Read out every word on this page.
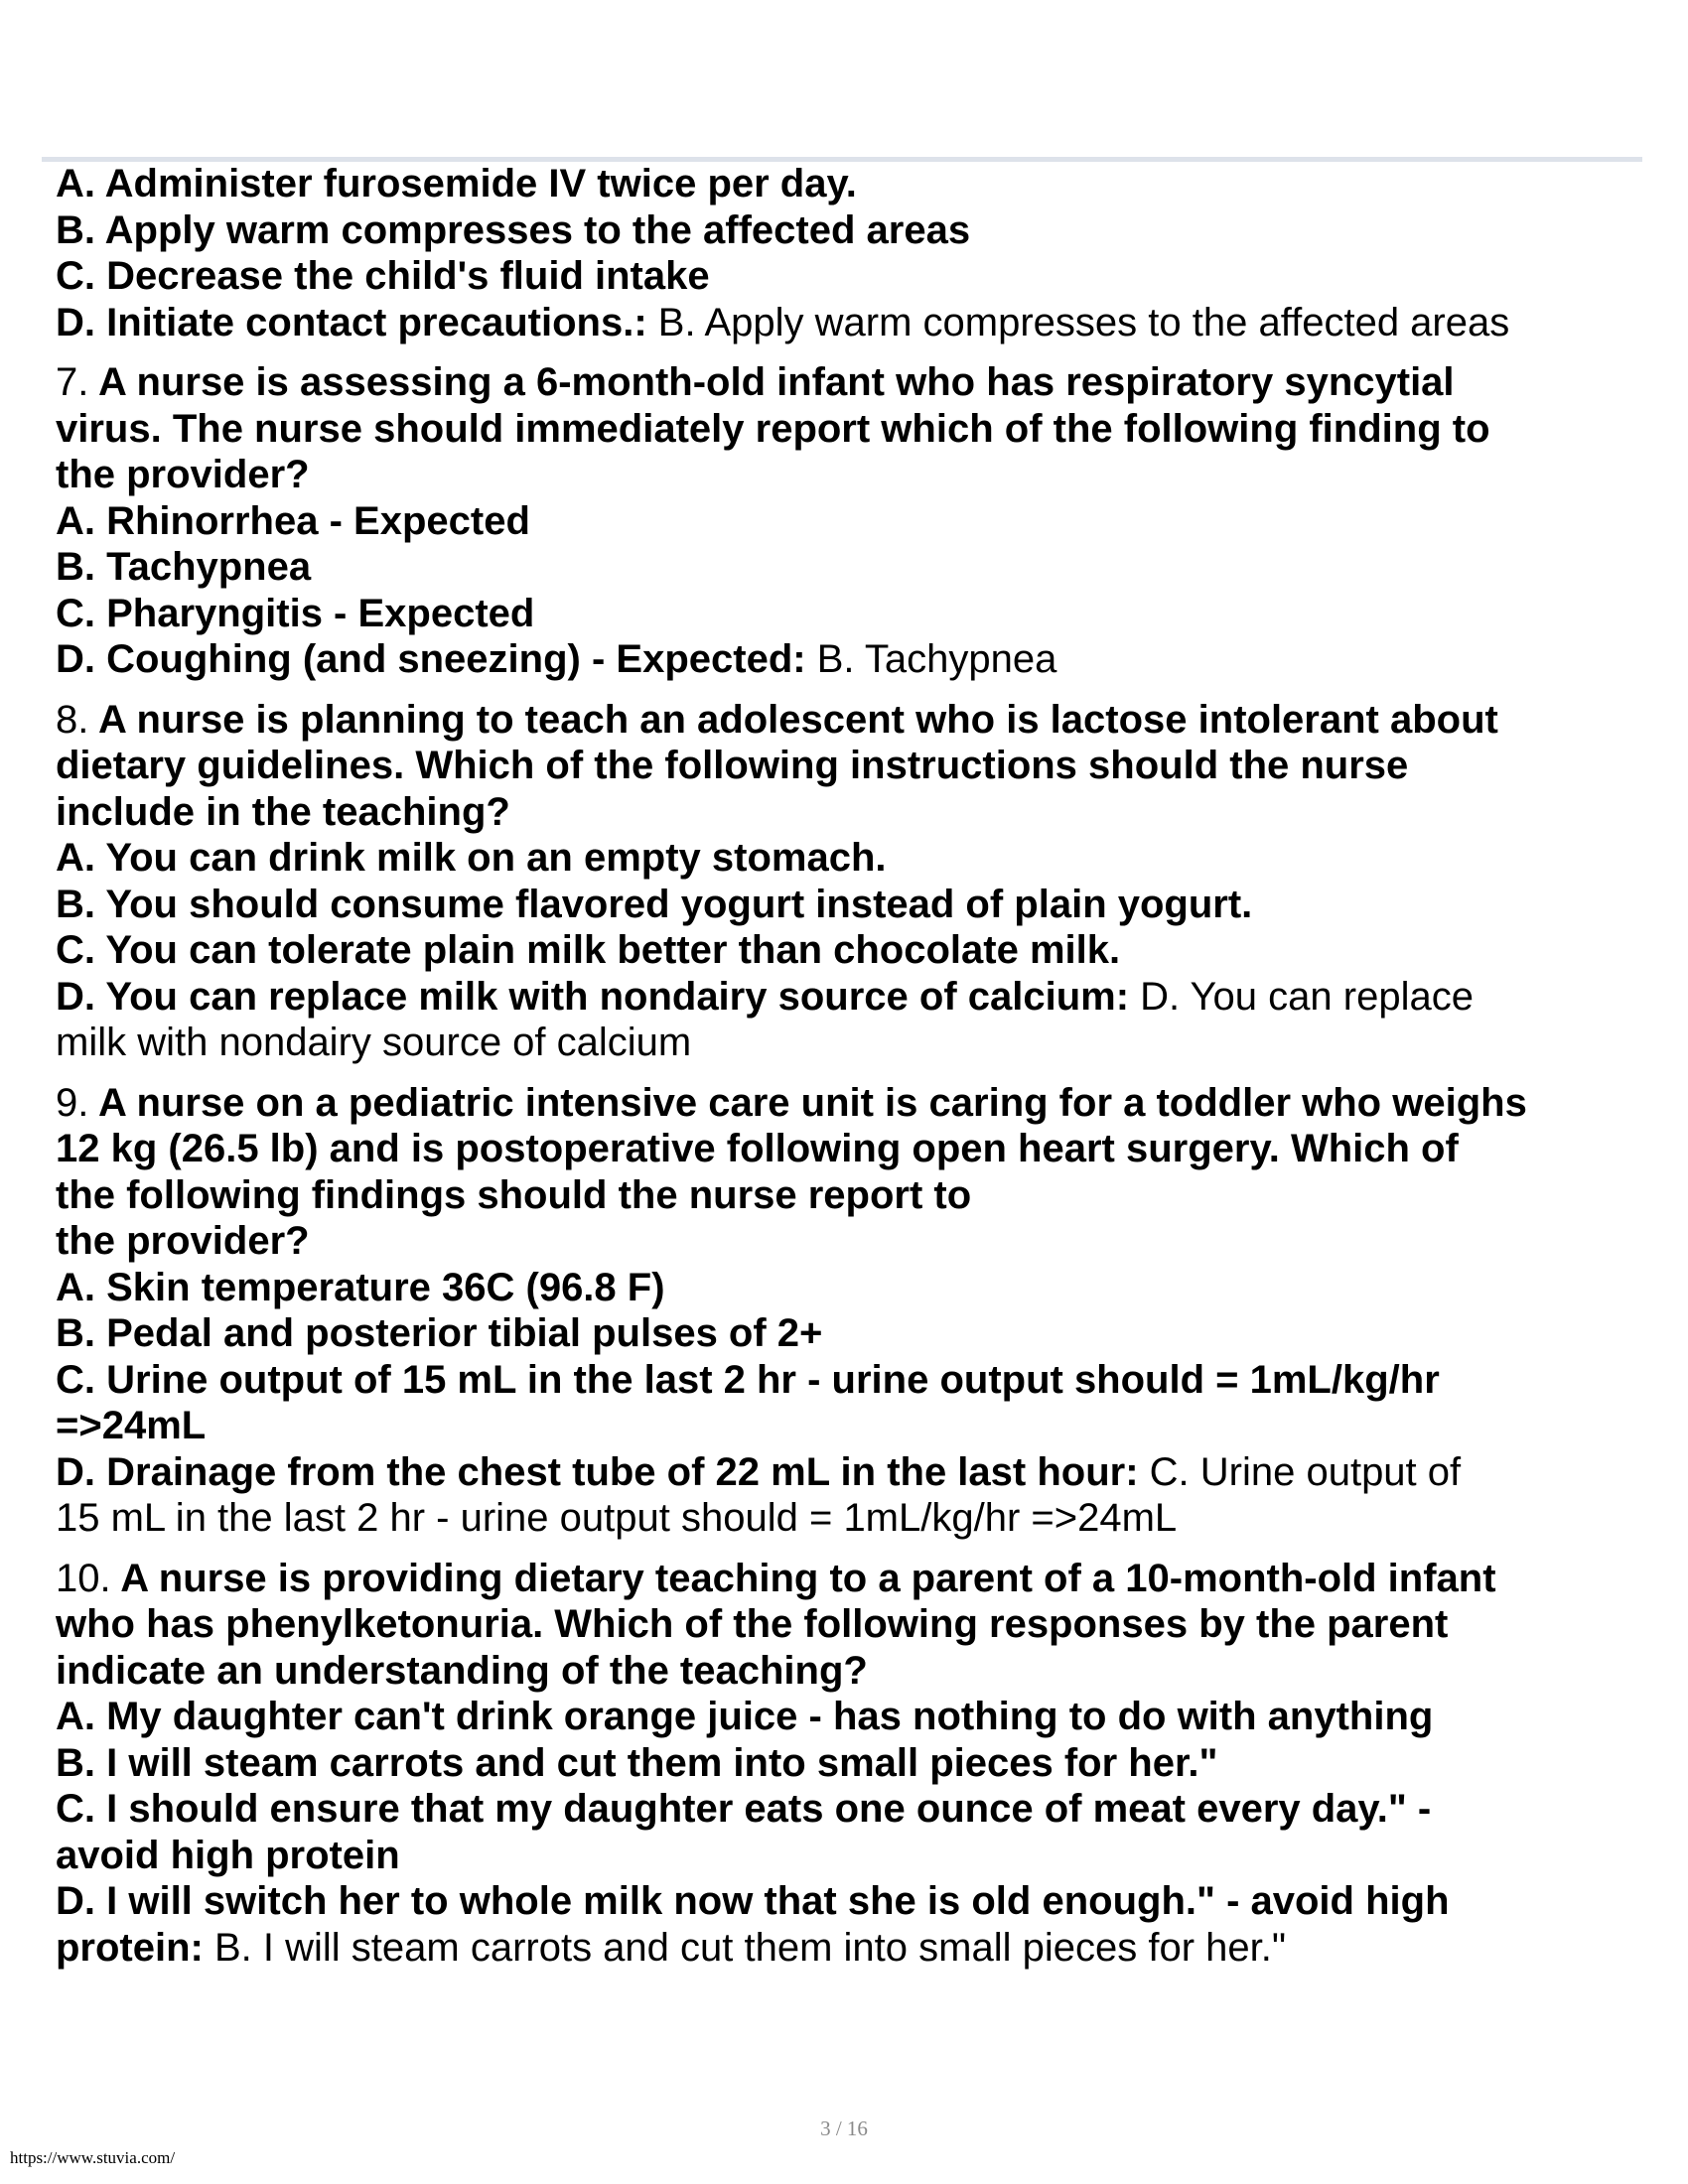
A. Administer furosemide IV twice per day.
B. Apply warm compresses to the affected areas
C. Decrease the child's fluid intake
D. Initiate contact precautions.: B. Apply warm compresses to the affected areas
7. A nurse is assessing a 6-month-old infant who has respiratory syncytial
virus. The nurse should immediately report which of the following finding to
the provider?
A. Rhinorrhea - Expected
B. Tachypnea
C. Pharyngitis - Expected
D. Coughing (and sneezing) - Expected: B. Tachypnea
8. A nurse is planning to teach an adolescent who is lactose intolerant about
dietary guidelines. Which of the following instructions should the nurse
include in the teaching?
A. You can drink milk on an empty stomach.
B. You should consume flavored yogurt instead of plain yogurt.
C. You can tolerate plain milk better than chocolate milk.
D. You can replace milk with nondairy source of calcium: D. You can replace
milk with nondairy source of calcium
9. A nurse on a pediatric intensive care unit is caring for a toddler who weighs
12 kg (26.5 lb) and is postoperative following open heart surgery. Which of
the following findings should the nurse report to
the provider?
A. Skin temperature 36C (96.8 F)
B. Pedal and posterior tibial pulses of 2+
C. Urine output of 15 mL in the last 2 hr - urine output should = 1mL/kg/hr
=>24mL
D. Drainage from the chest tube of 22 mL in the last hour: C. Urine output of
15 mL in the last 2 hr - urine output should = 1mL/kg/hr =>24mL
10. A nurse is providing dietary teaching to a parent of a 10-month-old infant
who has phenylketonuria. Which of the following responses by the parent
indicate an understanding of the teaching?
A. My daughter can't drink orange juice - has nothing to do with anything
B. I will steam carrots and cut them into small pieces for her."
C. I should ensure that my daughter eats one ounce of meat every day." -
avoid high protein
D. I will switch her to whole milk now that she is old enough." - avoid high
protein: B. I will steam carrots and cut them into small pieces for her."
3 / 16
https://www.stuvia.com/
